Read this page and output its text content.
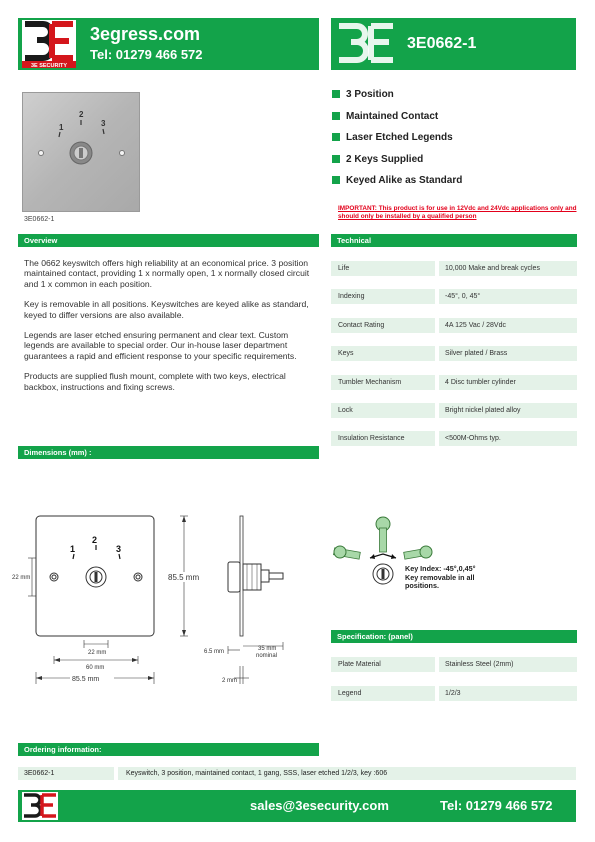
3E SECURITY
3egress.com
Tel: 01279 466 572
3E0662-1
1
2
3
3E0662-1
3 Position
Maintained Contact
Laser Etched Legends
2 Keys Supplied
Keyed Alike as Standard
IMPORTANT: This product is for use in 12Vdc and 24Vdc applications only and should only be installed by a qualified person
Overview

The 0662 keyswitch offers high reliability at an economical price. 3 position maintained contact, providing 1 x normally open, 1 x normally closed circuit and 1 x common in each position.

Key is removable in all positions. Keyswitches are keyed alike as standard, keyed to differ versions are also available.

Legends are laser etched ensuring permanent and clear text. Custom legends are available to special order. Our in-house laser department guarantees a rapid and efficient response to your specific requirements.

Products are supplied flush mount, complete with two keys, electrical backbox, instructions and fixing screws.

Technical
Life	10,000 Make and break cycles
Indexing	-45°, 0, 45°
Contact Rating	4A 125 Vac / 28Vdc
Keys	Silver plated / Brass
Tumbler Mechanism	4 Disc tumbler cylinder
Lock	Bright nickel plated alloy
Insulation Resistance	<500M-Ohms typ.
Dimensions (mm) :
1
2
3
22 mm	85.5 mm
22 mm
60 mm
85.5 mm
6.5 mm	35 mm
nominal
2 mm
Key Index: -45°,0,45°
Key removable in all
positions.
Specification: (panel)
Plate Material	Stainless Steel (2mm)
Legend	1/2/3
Ordering information:
3E0662-1	Keyswitch, 3 position, maintained contact, 1 gang, SSS, laser etched 1/2/3, key :606
sales@3esecurity.com	Tel: 01279 466 572
